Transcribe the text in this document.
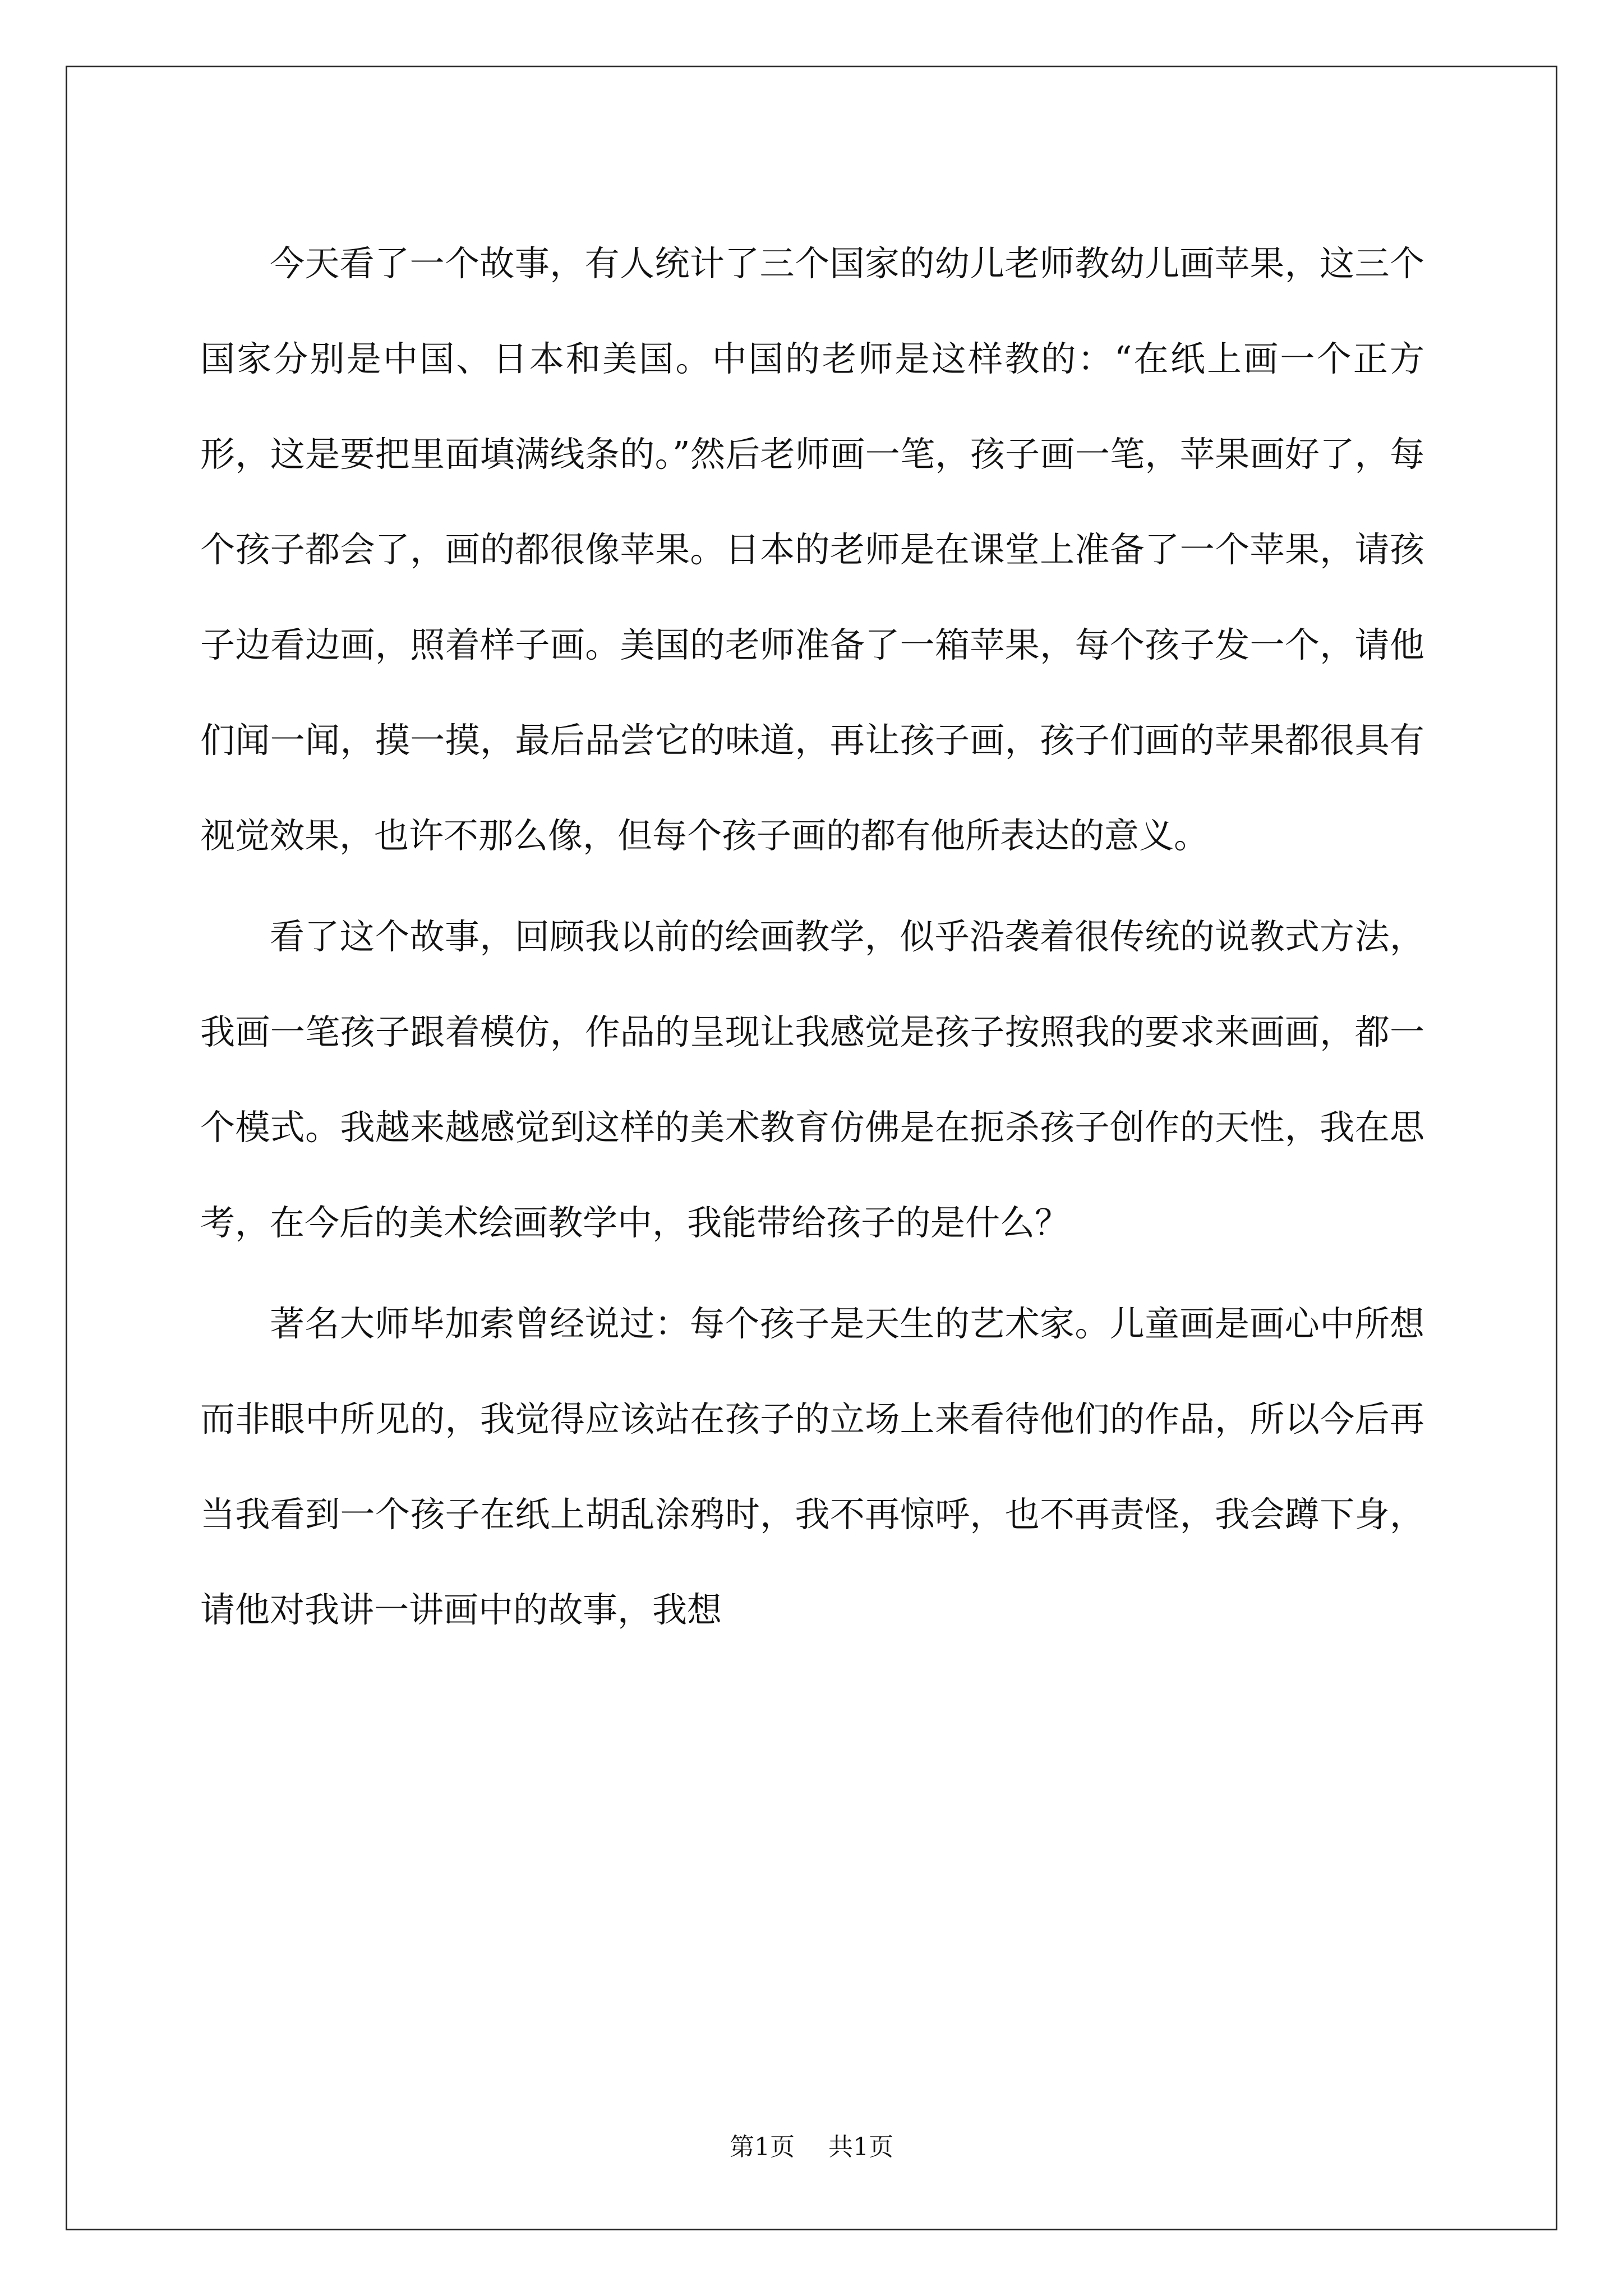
今天看了一个故事，有人统计了三个国家的幼儿老师教幼儿画苹果，这三个国家分别是中国、日本和美国。中国的老师是这样教的：“在纸上画一个正方形，这是要把里面填满线条的。”然后老师画一笔，孩子画一笔，苹果画好了，每个孩子都会了，画的都很像苹果。日本的老师是在课堂上准备了一个苹果，请孩子边看边画，照着样子画。美国的老师准备了一箱苹果，每个孩子发一个，请他们闻一闻，摸一摸，最后品尝它的味道，再让孩子画，孩子们画的苹果都很具有视觉效果，也许不那么像，但每个孩子画的都有他所表达的意义。

看了这个故事，回顾我以前的绘画教学，似乎沿袭着很传统的说教式方法，我画一笔孩子跟着模仿，作品的呈现让我感觉是孩子按照我的要求来画画，都一个模式。我越来越感觉到这样的美术教育仿佛是在扼杀孩子创作的天性，我在思考，在今后的美术绘画教学中，我能带给孩子的是什么？

著名大师毕加索曾经说过：每个孩子是天生的艺术家。儿童画是画心中所想而非眼中所见的，我觉得应该站在孩子的立场上来看待他们的作品，所以今后再当我看到一个孩子在纸上胡乱涂鸦时，我不再惊呼，也不再责怪，我会蹲下身，请他对我讲一讲画中的故事，我想

第1页 共1页
